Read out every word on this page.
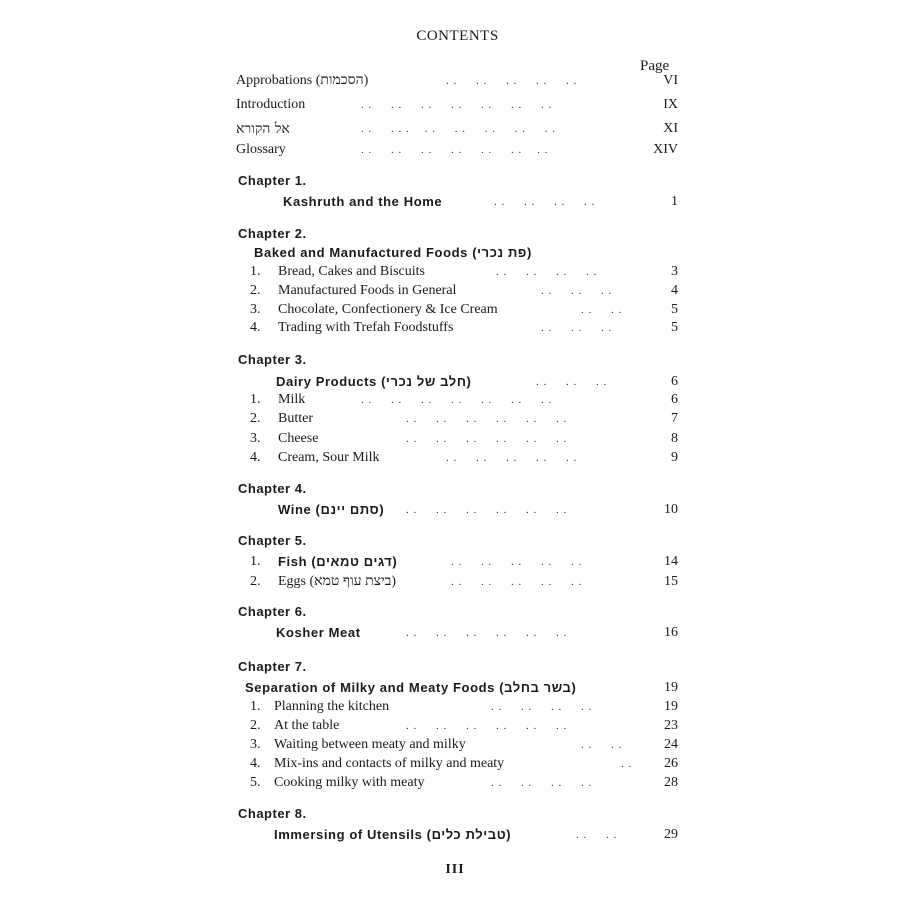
CONTENTS
Page
Approbations (הסכמות)	. .     . .     . .     . .     . .	VI
Introduction	. .     . .     . .     . .     . .     . .     . .	IX
אל הקורא	. .     . . .    . .     . .     . .     . .     . .	XI
Glossary	. .     . .     . .     . .     . .     . .    . .	XIV
Chapter 1.
Kashruth and the Home	. .     . .     . .     . .	1
Chapter 2.
Baked and Manufactured Foods (פת נכרי)
1. Bread, Cakes and Biscuits	. .     . .     . .     . .	3
2. Manufactured Foods in General	. .     . .     . .	4
3. Chocolate, Confectionery & Ice Cream	. .     . .	5
4. Trading with Trefah Foodstuffs	. .     . .     . .	5
Chapter 3.
Dairy Products (חלב של נכרי)	. .     . .     . .	6
1. Milk	. .     . .     . .     . .     . .     . .     . .	6
2. Butter	. .     . .     . .     . .     . .     . .	7
3. Cheese	. .     . .     . .     . .     . .     . .	8
4. Cream, Sour Milk	. .     . .     . .     . .     . .	9
Chapter 4.
Wine (סתם יינם) . .     . .     . .     . .     . .     . .	10
Chapter 5.
1. Fish (דגים טמאים)	. .     . .     . .     . .     . .	14
2. Eggs (ביצת עוף טמא)	. .     . .     . .     . .     . .	15
Chapter 6.
Kosher Meat	. .     . .     . .     . .     . .     . .	16
Chapter 7.
Separation of Milky and Meaty Foods (בשר בחלב)	19
1. Planning the kitchen	. .     . .     . .     . .	19
2. At the table	. .     . .     . .     . .     . .     . .	23
3. Waiting between meaty and milky	. .     . .	24
4. Mix-ins and contacts of milky and meaty	. .	26
5. Cooking milky with meaty	. .     . .     . .     . .	28
Chapter 8.
Immersing of Utensils (טבילת כלים)	. .     . .	29
III
